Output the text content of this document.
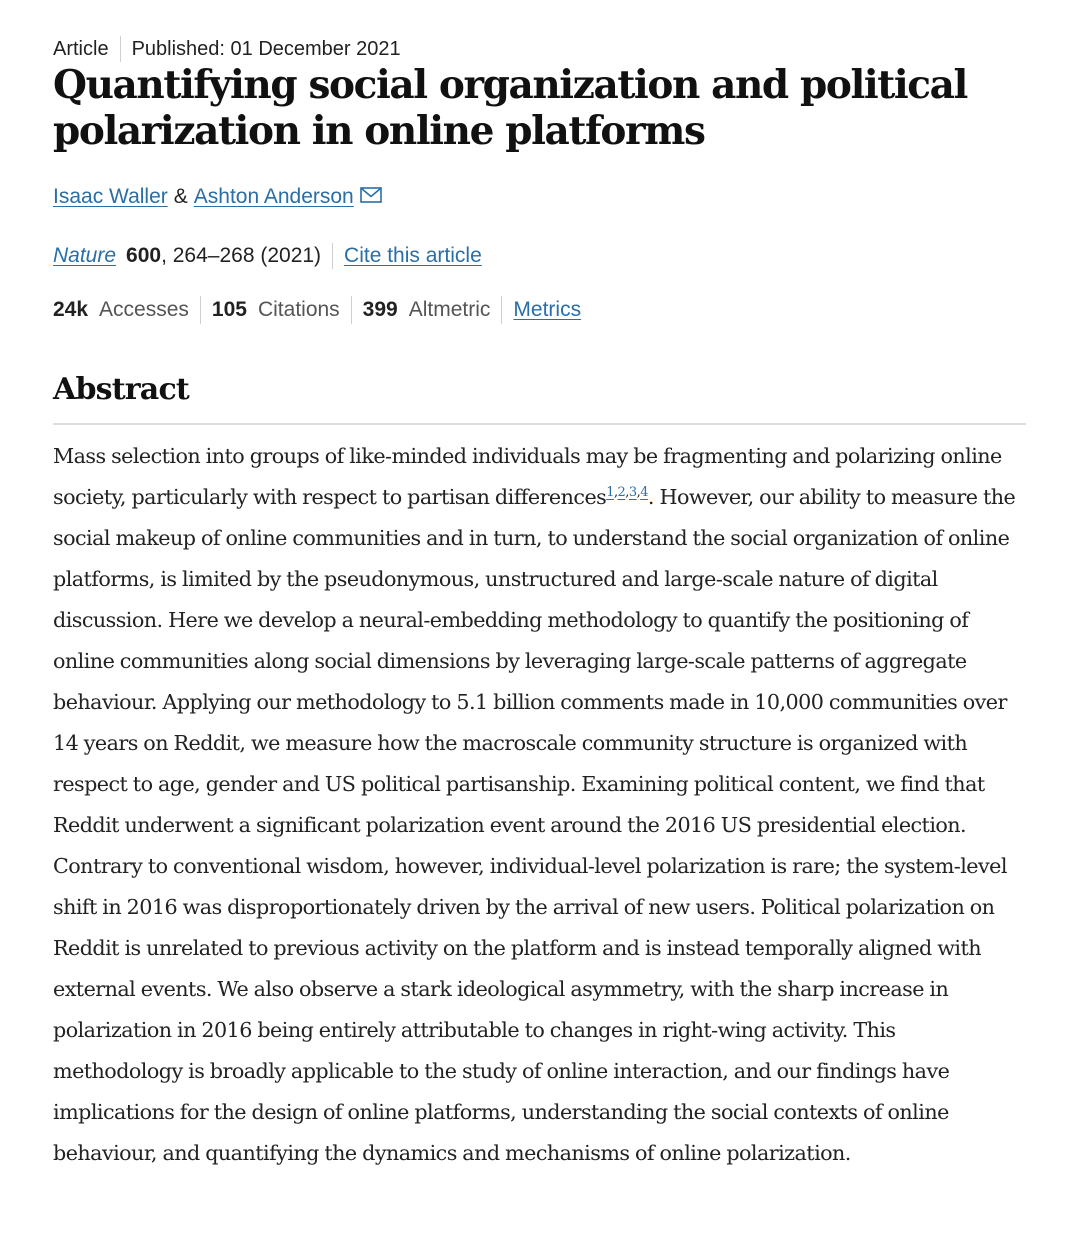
Article Published: 01 December 2021
Quantifying social organization and political polarization in online platforms
Isaac Waller & Ashton Anderson
Nature 600 , 264–268 (2021) Cite this article
24k Accesses 105 Citations 399 Altmetric Metrics
Abstract

Mass selection into groups of like-minded individuals may be fragmenting and polarizing online society, particularly with respect to partisan differences$^{1,2,3,4}$. However, our ability to measure the social makeup of online communities and in turn, to understand the social organization of online platforms, is limited by the pseudonymous, unstructured and large-scale nature of digital discussion. Here we develop a neural-embedding methodology to quantify the positioning of online communities along social dimensions by leveraging large-scale patterns of aggregate behaviour. Applying our methodology to 5.1 billion comments made in 10,000 communities over 14 years on Reddit, we measure how the macroscale community structure is organized with respect to age, gender and US political partisanship. Examining political content, we find that Reddit underwent a significant polarization event around the 2016 US presidential election. Contrary to conventional wisdom, however, individual-level polarization is rare; the system-level shift in 2016 was disproportionately driven by the arrival of new users. Political polarization on Reddit is unrelated to previous activity on the platform and is instead temporally aligned with external events. We also observe a stark ideological asymmetry, with the sharp increase in polarization in 2016 being entirely attributable to changes in right-wing activity. This methodology is broadly applicable to the study of online interaction, and our findings have implications for the design of online platforms, understanding the social contexts of online behaviour, and quantifying the dynamics and mechanisms of online polarization.
